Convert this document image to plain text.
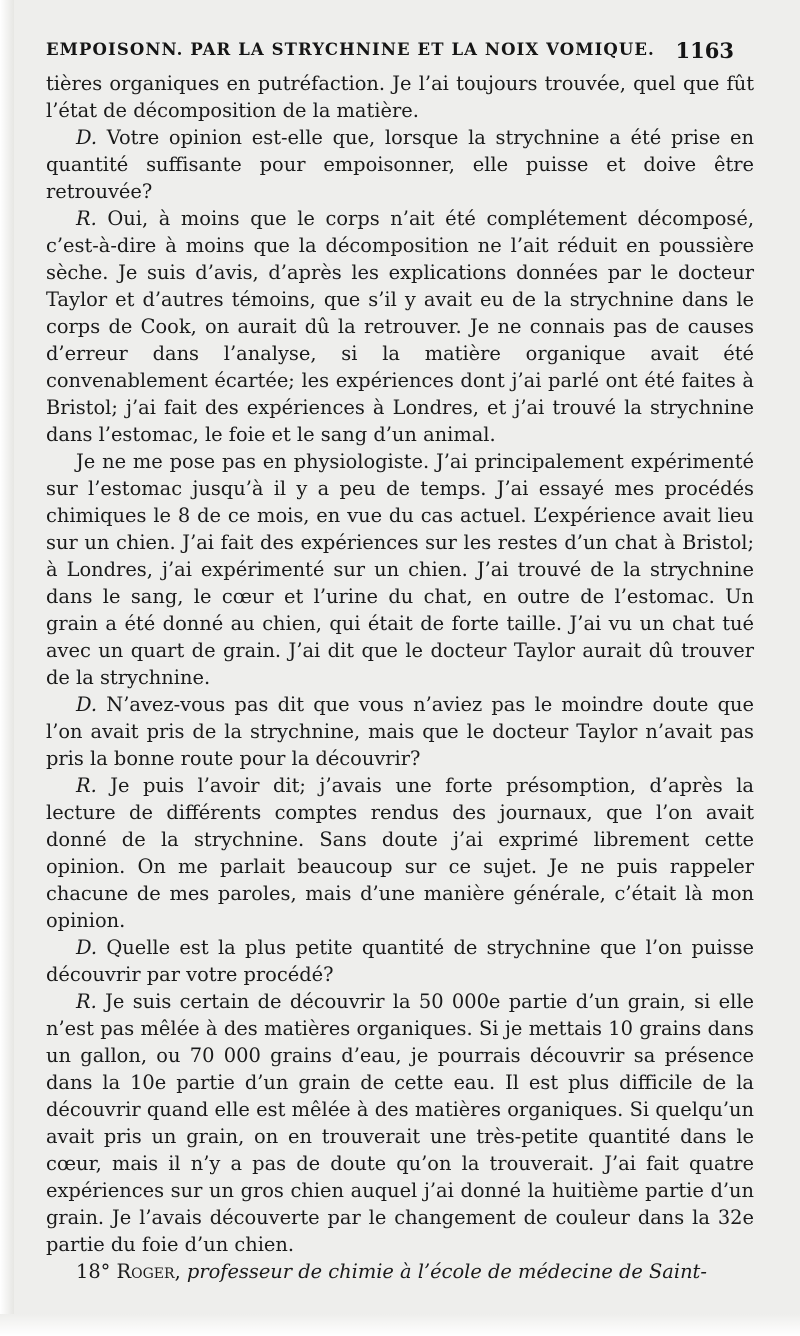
EMPOISONN. PAR LA STRYCHNINE ET LA NOIX VOMIQUE. 1163

tières organiques en putréfaction. Je l’ai toujours trouvée, quel que fût l’état de décomposition de la matière.

D. Votre opinion est-elle que, lorsque la strychnine a été prise en quantité suffisante pour empoisonner, elle puisse et doive être retrouvée?

R. Oui, à moins que le corps n’ait été complétement décomposé, c’est-à-dire à moins que la décomposition ne l’ait réduit en poussière sèche. Je suis d’avis, d’après les explications données par le docteur Taylor et d’autres témoins, que s’il y avait eu de la strychnine dans le corps de Cook, on aurait dû la retrouver. Je ne connais pas de causes d’erreur dans l’analyse, si la matière organique avait été convenablement écartée; les expériences dont j’ai parlé ont été faites à Bristol; j’ai fait des expériences à Londres, et j’ai trouvé la strychnine dans l’estomac, le foie et le sang d’un animal.

Je ne me pose pas en physiologiste. J’ai principalement expérimenté sur l’estomac jusqu’à il y a peu de temps. J’ai essayé mes procédés chimiques le 8 de ce mois, en vue du cas actuel. L’expérience avait lieu sur un chien. J’ai fait des expériences sur les restes d’un chat à Bristol; à Londres, j’ai expérimenté sur un chien. J’ai trouvé de la strychnine dans le sang, le cœur et l’urine du chat, en outre de l’estomac. Un grain a été donné au chien, qui était de forte taille. J’ai vu un chat tué avec un quart de grain. J’ai dit que le docteur Taylor aurait dû trouver de la strychnine.

D. N’avez-vous pas dit que vous n’aviez pas le moindre doute que l’on avait pris de la strychnine, mais que le docteur Taylor n’avait pas pris la bonne route pour la découvrir?

R. Je puis l’avoir dit; j’avais une forte présomption, d’après la lecture de différents comptes rendus des journaux, que l’on avait donné de la strychnine. Sans doute j’ai exprimé librement cette opinion. On me parlait beaucoup sur ce sujet. Je ne puis rappeler chacune de mes paroles, mais d’une manière générale, c’était là mon opinion.

D. Quelle est la plus petite quantité de strychnine que l’on puisse découvrir par votre procédé?

R. Je suis certain de découvrir la 50 000e partie d’un grain, si elle n’est pas mêlée à des matières organiques. Si je mettais 10 grains dans un gallon, ou 70 000 grains d’eau, je pourrais découvrir sa présence dans la 10e partie d’un grain de cette eau. Il est plus difficile de la découvrir quand elle est mêlée à des matières organiques. Si quelqu’un avait pris un grain, on en trouverait une très-petite quantité dans le cœur, mais il n’y a pas de doute qu’on la trouverait. J’ai fait quatre expériences sur un gros chien auquel j’ai donné la huitième partie d’un grain. Je l’avais découverte par le changement de couleur dans la 32e partie du foie d’un chien.

18° Roger, professeur de chimie à l’école de médecine de Saint-
